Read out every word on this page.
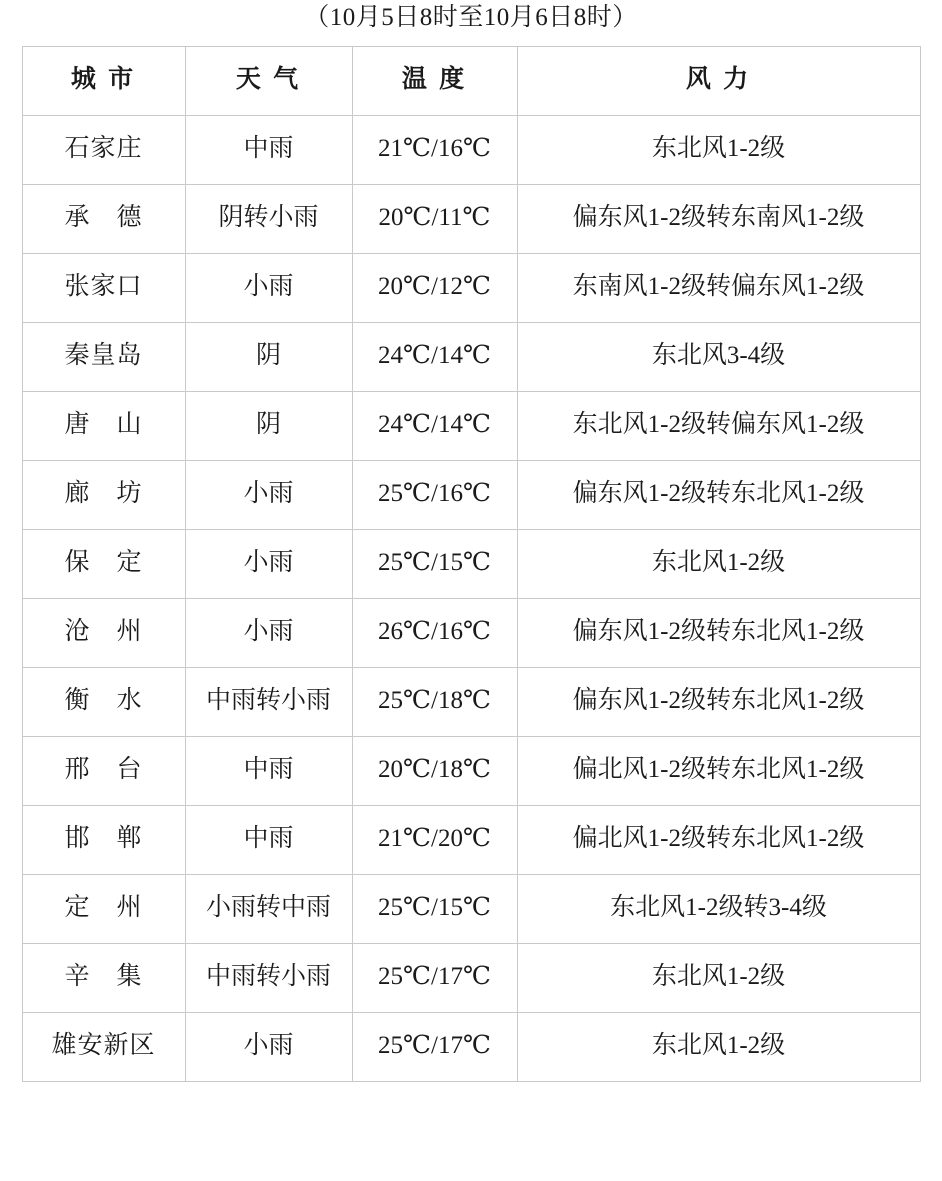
（10月5日8时至10月6日8时）
城 市	天 气	温 度	风 力
石家庄	中雨	21℃/16℃	东北风1-2级
承　德	阴转小雨	20℃/11℃	偏东风1-2级转东南风1-2级
张家口	小雨	20℃/12℃	东南风1-2级转偏东风1-2级
秦皇岛	阴	24℃/14℃	东北风3-4级
唐　山	阴	24℃/14℃	东北风1-2级转偏东风1-2级
廊　坊	小雨	25℃/16℃	偏东风1-2级转东北风1-2级
保　定	小雨	25℃/15℃	东北风1-2级
沧　州	小雨	26℃/16℃	偏东风1-2级转东北风1-2级
衡　水	中雨转小雨	25℃/18℃	偏东风1-2级转东北风1-2级
邢　台	中雨	20℃/18℃	偏北风1-2级转东北风1-2级
邯　郸	中雨	21℃/20℃	偏北风1-2级转东北风1-2级
定　州	小雨转中雨	25℃/15℃	东北风1-2级转3-4级
辛　集	中雨转小雨	25℃/17℃	东北风1-2级
雄安新区	小雨	25℃/17℃	东北风1-2级
